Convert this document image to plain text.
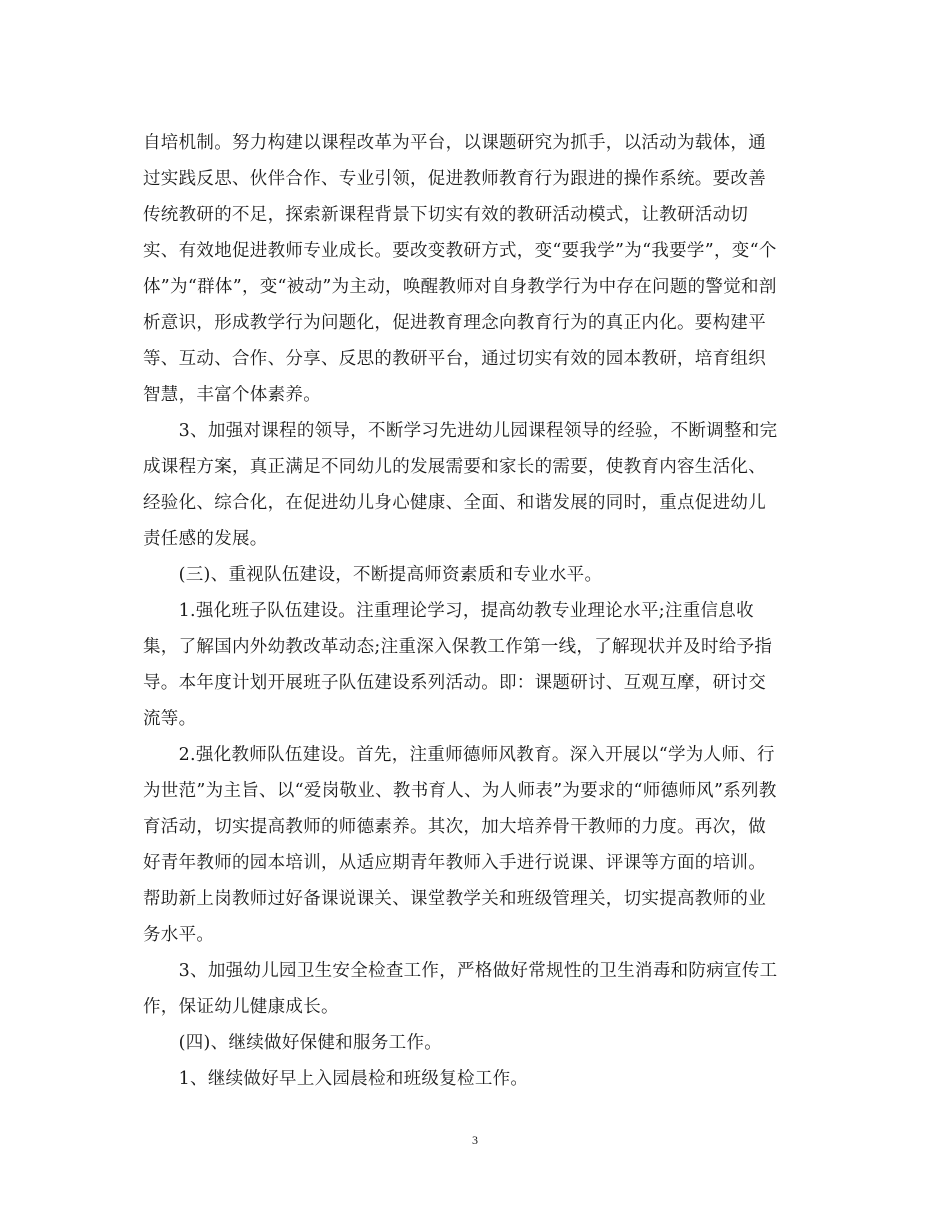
自培机制。努力构建以课程改革为平台，以课题研究为抓手，以活动为载体，通
过实践反思、伙伴合作、专业引领，促进教师教育行为跟进的操作系统。要改善
传统教研的不足，探索新课程背景下切实有效的教研活动模式，让教研活动切
实、有效地促进教师专业成长。要改变教研方式，变“要我学”为“我要学”，变“个
体”为“群体”，变“被动”为主动，唤醒教师对自身教学行为中存在问题的警觉和剖
析意识，形成教学行为问题化，促进教育理念向教育行为的真正内化。要构建平
等、互动、合作、分享、反思的教研平台，通过切实有效的园本教研，培育组织
智慧，丰富个体素养。
　　3、加强对课程的领导，不断学习先进幼儿园课程领导的经验，不断调整和完
成课程方案，真正满足不同幼儿的发展需要和家长的需要，使教育内容生活化、
经验化、综合化，在促进幼儿身心健康、全面、和谐发展的同时，重点促进幼儿
责任感的发展。
　　(三)、重视队伍建设，不断提高师资素质和专业水平。
　　1.强化班子队伍建设。注重理论学习，提高幼教专业理论水平;注重信息收
集，了解国内外幼教改革动态;注重深入保教工作第一线，了解现状并及时给予指
导。本年度计划开展班子队伍建设系列活动。即：课题研讨、互观互摩，研讨交
流等。
　　2.强化教师队伍建设。首先，注重师德师风教育。深入开展以“学为人师、行
为世范”为主旨、以“爱岗敬业、教书育人、为人师表”为要求的“师德师风”系列教
育活动，切实提高教师的师德素养。其次，加大培养骨干教师的力度。再次，做
好青年教师的园本培训，从适应期青年教师入手进行说课、评课等方面的培训。
帮助新上岗教师过好备课说课关、课堂教学关和班级管理关，切实提高教师的业
务水平。
　　3、加强幼儿园卫生安全检查工作，严格做好常规性的卫生消毒和防病宣传工
作，保证幼儿健康成长。
　　(四)、继续做好保健和服务工作。
　　1、继续做好早上入园晨检和班级复检工作。
3
